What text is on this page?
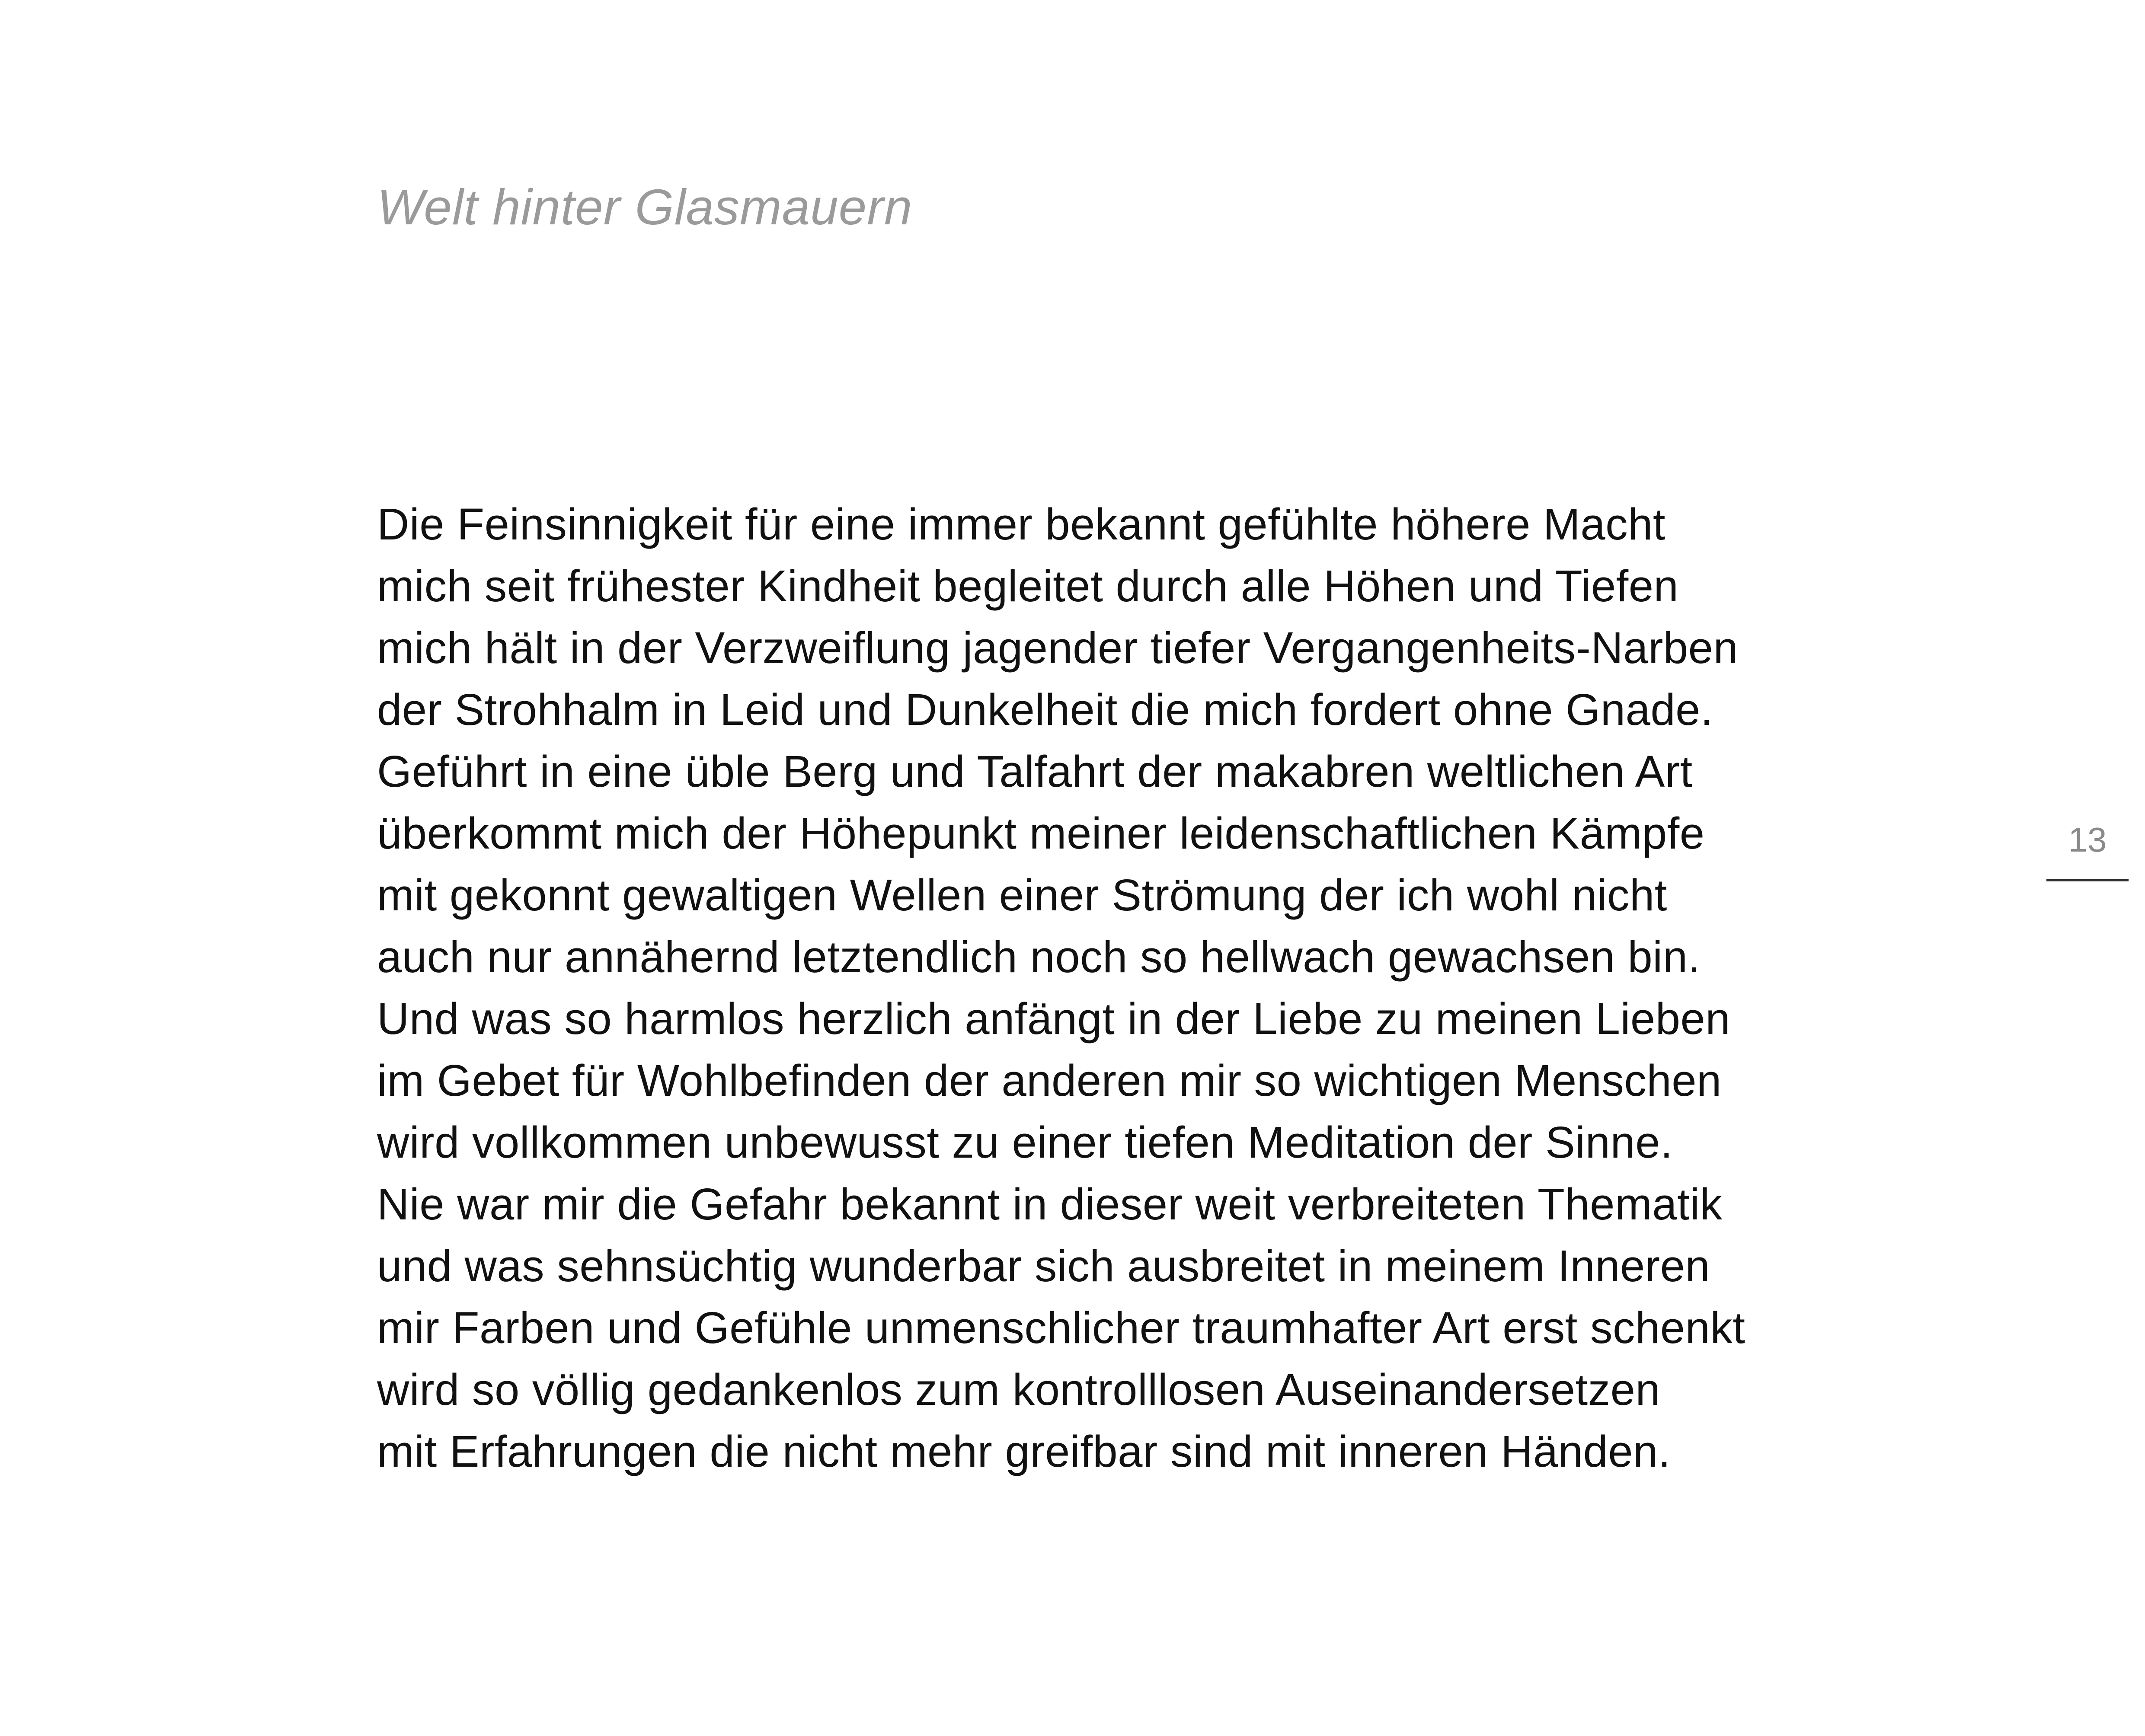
Welt hinter Glasmauern
Die Feinsinnigkeit für eine immer bekannt gefühlte höhere Macht
mich seit frühester Kindheit begleitet durch alle Höhen und Tiefen
mich hält in der Verzweiflung jagender tiefer Vergangenheits-Narben
der Strohhalm in Leid und Dunkelheit die mich fordert ohne Gnade.
Geführt in eine üble Berg und Talfahrt der makabren weltlichen Art
überkommt mich der Höhepunkt meiner leidenschaftlichen Kämpfe
mit gekonnt gewaltigen Wellen einer Strömung der ich wohl nicht
auch nur annähernd letztendlich noch so hellwach gewachsen bin.
Und was so harmlos herzlich anfängt in der Liebe zu meinen Lieben
im Gebet für Wohlbefinden der anderen mir so wichtigen Menschen
wird vollkommen unbewusst zu einer tiefen Meditation der Sinne.
Nie war mir die Gefahr bekannt in dieser weit verbreiteten Thematik
und was sehnsüchtig wunderbar sich ausbreitet in meinem Inneren
mir Farben und Gefühle unmenschlicher traumhafter Art erst schenkt
wird so völlig gedankenlos zum kontrolllosen Auseinandersetzen
mit Erfahrungen die nicht mehr greifbar sind mit inneren Händen.
13
